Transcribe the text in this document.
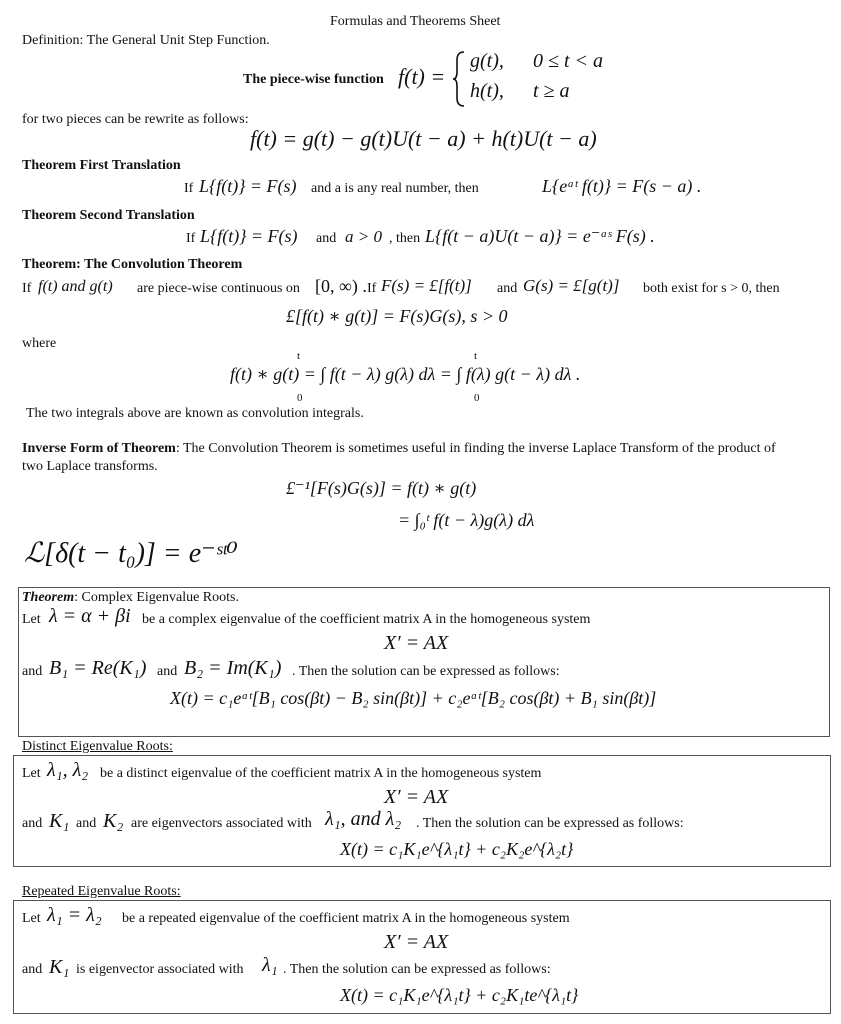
Formulas and Theorems Sheet
Definition: The General Unit Step Function.
The piece-wise function f(t) =
g(t), 0 ≤ t < a
h(t), t ≥ a
for two pieces can be rewrite as follows:
f(t) = g(t) − g(t)U(t − a) + h(t)U(t − a)
Theorem First Translation
If L{f(t)} = F(s) and a is any real number, then	L{eᵃᵗ f(t)} = F(s − a) .
Theorem Second Translation
If L{f(t)} = F(s) and a > 0 , then L{f(t − a)U(t − a)} = e⁻ᵃˢ F(s) .
Theorem: The Convolution Theorem
If f(t) and g(t) are piece-wise continuous on [0, ∞) . If F(s) = £[f(t)] and G(s) = £[g(t)] both exist for s > 0, then
£[f(t) ∗ g(t)] = F(s)G(s), s > 0
where
t	t
f(t) ∗ g(t) = ∫ f(t − λ) g(λ) dλ = ∫ f(λ) g(t − λ) dλ .
0	0
The two integrals above are known as convolution integrals.
Inverse Form of Theorem: The Convolution Theorem is sometimes useful in finding the inverse Laplace Transform of the product of
two Laplace transforms.
£⁻¹[F(s)G(s)] = f(t) ∗ g(t)
= ∫₀ᵗ f(t − λ)g(λ) dλ
ℒ[δ(t − t₀)] = e⁻ˢᵗ⁰
Theorem: Complex Eigenvalue Roots.
Let λ = α + βi be a complex eigenvalue of the coefficient matrix A in the homogeneous system
X′ = AX
and B₁ = Re(K₁) and B₂ = Im(K₁) . Then the solution can be expressed as follows:
X(t) = c₁eᵅᵗ[B₁ cos(βt) − B₂ sin(βt)] + c₂eᵅᵗ[B₂ cos(βt) + B₁ sin(βt)]
Distinct Eigenvalue Roots:
Let λ₁, λ₂ be a distinct eigenvalue of the coefficient matrix A in the homogeneous system
X′ = AX
and K₁ and K₂ are eigenvectors associated with λ₁, and λ₂ . Then the solution can be expressed as follows:
X(t) = c₁K₁e^{λ₁t} + c₂K₂e^{λ₂t}
Repeated Eigenvalue Roots:
Let λ₁ = λ₂ be a repeated eigenvalue of the coefficient matrix A in the homogeneous system
X′ = AX
and K₁ is eigenvector associated with λ₁ . Then the solution can be expressed as follows:
X(t) = c₁K₁e^{λ₁t} + c₂K₁te^{λ₁t}
